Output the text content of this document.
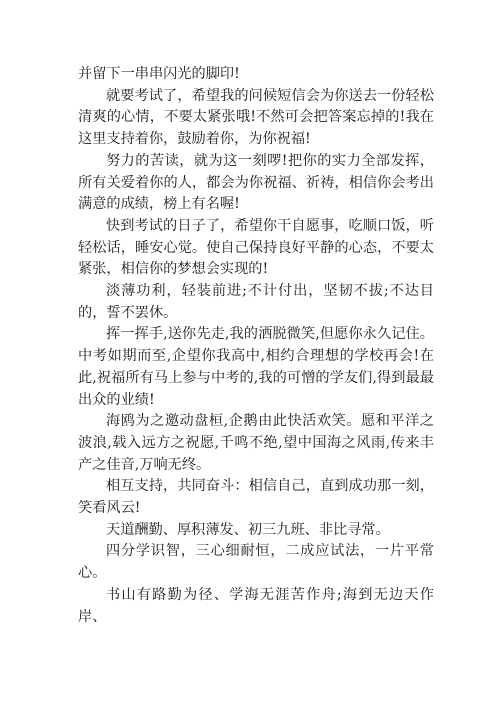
并留下一串串闪光的脚印!

就要考试了，希望我的问候短信会为你送去一份轻松清爽的心情，不要太紧张哦!不然可会把答案忘掉的!我在这里支持着你，鼓励着你，为你祝福!

努力的苦读，就为这一刻啰!把你的实力全部发挥，所有关爱着你的人，都会为你祝福、祈祷，相信你会考出满意的成绩，榜上有名喔!

快到考试的日子了，希望你干自愿事，吃顺口饭，听轻松话，睡安心觉。使自己保持良好平静的心态，不要太紧张，相信你的梦想会实现的!

淡薄功利，轻装前进;不计付出，坚韧不拔;不达目的，誓不罢休。

挥一挥手,送你先走,我的洒脱微笑,但愿你永久记住。中考如期而至,企望你我高中,相约合理想的学校再会!在此,祝福所有马上参与中考的,我的可憎的学友们,得到最最出众的业绩!

海鸥为之邀动盘桓,企鹅由此快活欢笑。愿和平洋之波浪,载入远方之祝愿,千鸣不绝,望中国海之风雨,传来丰产之佳音,万响无终。

相互支持，共同奋斗：相信自己，直到成功那一刻，笑看风云!

天道酬勤、厚积薄发、初三九班、非比寻常。

四分学识智，三心细耐恒，二成应试法，一片平常心。

书山有路勤为径、学海无涯苦作舟;海到无边天作岸、
